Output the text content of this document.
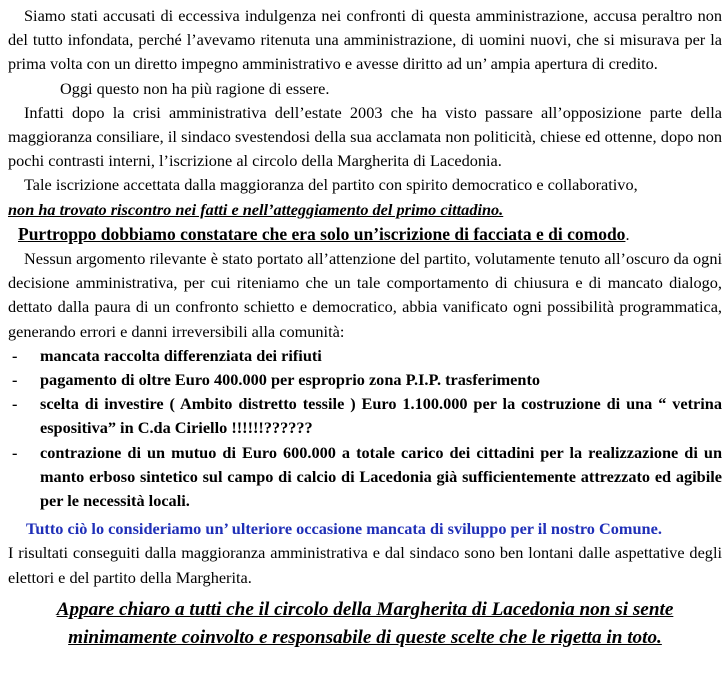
Siamo stati accusati di eccessiva indulgenza nei confronti di questa amministrazione, accusa peraltro non del tutto infondata, perché l’avevamo ritenuta una amministrazione, di uomini nuovi, che si misurava per la prima volta con un diretto impegno amministrativo e avesse diritto ad un’ ampia apertura di credito.

Oggi questo non ha più ragione di essere.

Infatti dopo la crisi amministrativa dell’estate 2003 che ha visto passare all’opposizione parte della maggioranza consiliare, il sindaco svestendosi della sua acclamata non politicità, chiese ed ottenne, dopo non pochi contrasti interni, l’iscrizione al circolo della Margherita di Lacedonia.

Tale iscrizione accettata dalla maggioranza del partito con spirito democratico e collaborativo,
non ha trovato riscontro nei fatti e nell’atteggiamento del primo cittadino.

Purtroppo dobbiamo constatare che era solo un’iscrizione di facciata e di comodo.

Nessun argomento rilevante è stato portato all’attenzione del partito, volutamente tenuto all’oscuro da ogni decisione amministrativa, per cui riteniamo che un tale comportamento di chiusura e di mancato dialogo, dettato dalla paura di un confronto schietto e democratico, abbia vanificato ogni possibilità programmatica, generando errori e danni irreversibili alla comunità:

- mancata raccolta differenziata dei rifiuti
- pagamento di oltre Euro 400.000 per esproprio zona P.I.P. trasferimento
- scelta di investire ( Ambito distretto tessile ) Euro 1.100.000 per la costruzione di una “ vetrina espositiva” in C.da Ciriello !!!!!!??????
- contrazione di un mutuo di Euro 600.000 a totale carico dei cittadini per la realizzazione di un manto erboso sintetico sul campo di calcio di Lacedonia già sufficientemente attrezzato ed agibile per le necessità locali.

Tutto ciò lo consideriamo un’ ulteriore occasione mancata di sviluppo per il nostro Comune.

I risultati conseguiti dalla maggioranza amministrativa e dal sindaco sono ben lontani dalle aspettative degli elettori e del partito della Margherita.

Appare chiaro a tutti che il circolo della Margherita di Lacedonia non si sente
minimamente coinvolto e responsabile di queste scelte che le rigetta in toto.
